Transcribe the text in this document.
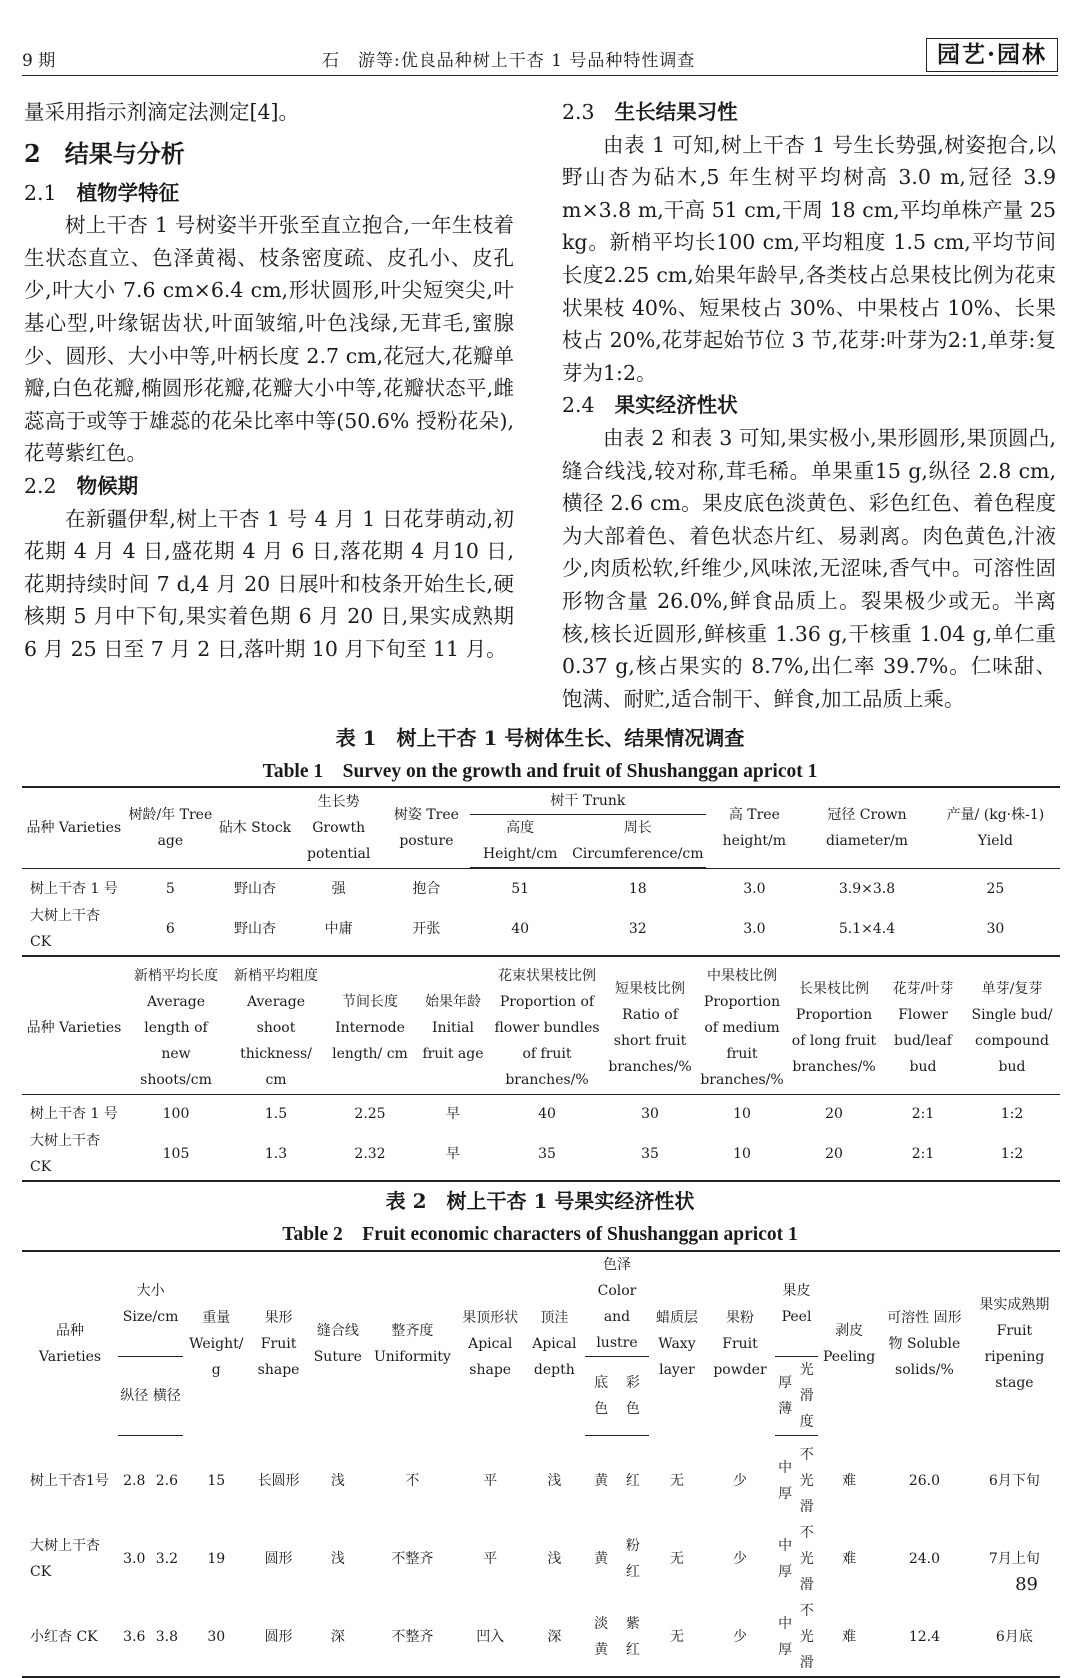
9 期	石　游等:优良品种树上干杏 1 号品种特性调查	园艺·园林

量采用指示剂滴定法测定[4]。

2　结果与分析

2.1 植物学特征

树上干杏 1 号树姿半开张至直立抱合,一年生枝着生状态直立、色泽黄褐、枝条密度疏、皮孔小、皮孔少,叶大小 7.6 cm×6.4 cm,形状圆形,叶尖短突尖,叶基心型,叶缘锯齿状,叶面皱缩,叶色浅绿,无茸毛,蜜腺少、圆形、大小中等,叶柄长度 2.7 cm,花冠大,花瓣单瓣,白色花瓣,椭圆形花瓣,花瓣大小中等,花瓣状态平,雌蕊高于或等于雄蕊的花朵比率中等(50.6% 授粉花朵),花萼紫红色。

2.2 物候期

在新疆伊犁,树上干杏 1 号 4 月 1 日花芽萌动,初花期 4 月 4 日,盛花期 4 月 6 日,落花期 4 月10 日,花期持续时间 7 d,4 月 20 日展叶和枝条开始生长,硬核期 5 月中下旬,果实着色期 6 月 20 日,果实成熟期 6 月 25 日至 7 月 2 日,落叶期 10 月下旬至 11 月。

2.3 生长结果习性

由表 1 可知,树上干杏 1 号生长势强,树姿抱合,以野山杏为砧木,5 年生树平均树高 3.0 m,冠径 3.9 m×3.8 m,干高 51 cm,干周 18 cm,平均单株产量 25 kg。新梢平均长100 cm,平均粗度 1.5 cm,平均节间长度2.25 cm,始果年龄早,各类枝占总果枝比例为花束状果枝 40%、短果枝占 30%、中果枝占 10%、长果枝占 20%,花芽起始节位 3 节,花芽:叶芽为2:1,单芽:复芽为1:2。

2.4 果实经济性状

由表 2 和表 3 可知,果实极小,果形圆形,果顶圆凸,缝合线浅,较对称,茸毛稀。单果重15 g,纵径 2.8 cm,横径 2.6 cm。果皮底色淡黄色、彩色红色、着色程度为大部着色、着色状态片红、易剥离。肉色黄色,汁液少,肉质松软,纤维少,风味浓,无涩味,香气中。可溶性固形物含量 26.0%,鲜食品质上。裂果极少或无。半离核,核长近圆形,鲜核重 1.36 g,干核重 1.04 g,单仁重 0.37 g,核占果实的 8.7%,出仁率 39.7%。仁味甜、饱满、耐贮,适合制干、鲜食,加工品质上乘。

表 1　树上干杏 1 号树体生长、结果情况调查
Table 1　Survey on the growth and fruit of Shushanggan apricot 1
品种 Varieties	树龄/年 Tree age	砧木 Stock	生长势 Growth potential	树姿 Tree posture	树干 Trunk		高 Tree height/m	冠径 Crown diameter/m	产量/ (kg·株-1) Yield
					高度 Height/cm	周长 Circumference/cm			

树上干杏 1 号	5	野山杏	强	抱合	51	18	3.0	3.9×3.8	25
大树上干杏 CK	6	野山杏	中庸	开张	40	32	3.0	5.1×4.4	30
品种 Varieties	新梢平均长度 Average length of new shoots/cm	新梢平均粗度 Average shoot thickness/ cm	节间长度 Internode length/ cm	始果年龄 Initial fruit age	花束状果枝比例 Proportion of flower bundles of fruit branches/%	短果枝比例 Ratio of short fruit branches/%	中果枝比例 Proportion of medium fruit branches/%	长果枝比例 Proportion of long fruit branches/%	花芽/叶芽 Flower bud/leaf bud	单芽/复芽 Single bud/ compound bud
树上干杏 1 号	100	1.5	2.25	早	40	30	10	20	2:1	1:2
大树上干杏 CK	105	1.3	2.32	早	35	35	10	20	2:1	1:2
表 2　树上干杏 1 号果实经济性状
Table 2　Fruit economic characters of Shushanggan apricot 1
品种 Varieties	大小 Size/cm		重量 Weight/ g	果形 Fruit shape	缝合线 Suture	整齐度 Uniformity	果顶形状 Apical shape	顶洼 Apical depth	色泽 Color and lustre		蜡质层 Waxy layer	果粉 Fruit powder	果皮 Peel		剥皮 Peeling	可溶性 固形物 Soluble solids/%	果实成熟期 Fruit ripening stage
	纵径	横径							底色	彩色			厚薄	光滑度			
树上干杏1号	2.8	2.6	15	长圆形	浅	不	平	浅	黄	红	无	少	中厚	不光滑	难	26.0	6月下旬
大树上干杏 CK	3.0	3.2	19	圆形	浅	不整齐	平	浅	黄	粉红	无	少	中厚	不光滑	难	24.0	7月上旬
小红杏 CK	3.6	3.8	30	圆形	深	不整齐	凹入	深	淡黄	紫红	无	少	中厚	不光滑	难	12.4	6月底
89
